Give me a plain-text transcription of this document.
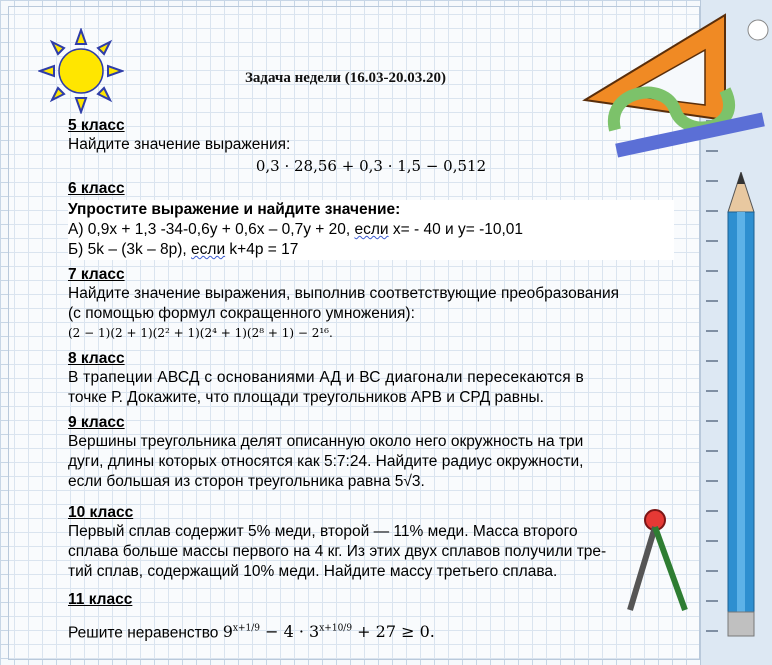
Задача недели (16.03-20.03.20)
5 класс
Найдите значение выражения:
0,3 · 28,56 + 0,3 · 1,5 − 0,512
6 класс
Упростите выражение и найдите значение:
А) 0,9х + 1,3 -34-0,6у + 0,6х – 0,7у + 20, если х= - 40 и у= -10,01
Б) 5k – (3k – 8р), если k+4p = 17
7 класс
Найдите значение выражения, выполнив соответствующие преобразования
(с помощью формул сокращенного умножения):
(2 − 1)(2 + 1)(2² + 1)(2⁴ + 1)(2⁸ + 1) − 2¹⁶.
8 класс
В трапеции АВСД с основаниями АД и ВС диагонали пересекаются в
точке Р. Докажите, что площади треугольников АРВ и СРД равны.
9 класс
Вершины треугольника делят описанную около него окружность на три
дуги, длины которых относятся как 5:7:24. Найдите радиус окружности,
если большая из сторон треугольника равна 5√3.
10 класс
Первый сплав содержит 5% меди, второй — 11% меди. Масса второго
сплава больше массы первого на 4 кг. Из этих двух сплавов получили тре-
тий сплав, содержащий 10% меди. Найдите массу третьего сплава.
11 класс
Решите неравенство $9^{x+1/9} - 4 \cdot 3^{x+10/9} + 27 \ge 0$.
